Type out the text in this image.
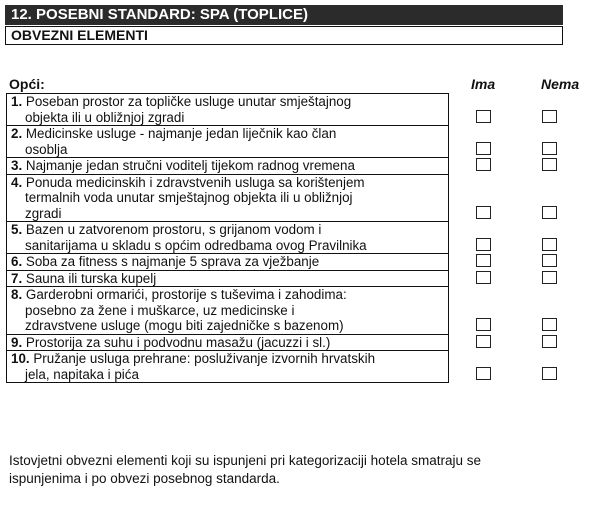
12. POSEBNI STANDARD: SPA (TOPLICE)
OBVEZNI ELEMENTI
Opći:	Ima	Nema
1. Poseban prostor za topličke usluge unutar smještajnog
objekta ili u obližnjoj zgradi

2. Medicinske usluge - najmanje jedan liječnik kao član
osoblja

3. Najmanje jedan stručni voditelj tijekom radnog vremena
4. Ponuda medicinskih i zdravstvenih usluga sa korištenjem
termalnih voda unutar smještajnog objekta ili u obližnjoj
zgradi

5. Bazen u zatvorenom prostoru, s grijanom vodom i
sanitarijama u skladu s općim odredbama ovog Pravilnika

6. Soba za fitness s najmanje 5 sprava za vježbanje
7. Sauna ili turska kupelj
8. Garderobni ormarići, prostorije s tuševima i zahodima:
posebno za žene i muškarce, uz medicinske i
zdravstvene usluge (mogu biti zajedničke s bazenom)

9. Prostorija za suhu i podvodnu masažu (jacuzzi i sl.)
10. Pružanje usluga prehrane: posluživanje izvornih hrvatskih
jela, napitaka i pića
Istovjetni obvezni elementi koji su ispunjeni pri kategorizaciji hotela smatraju se
ispunjenima i po obvezi posebnog standarda.
